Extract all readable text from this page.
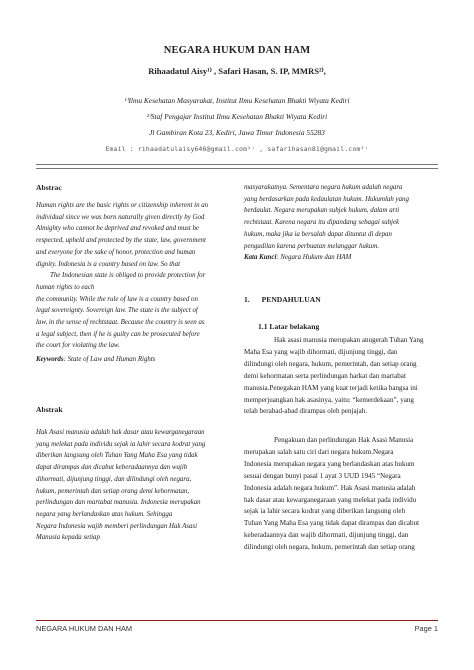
NEGARA HUKUM DAN HAM
Rihaadatul Aisy¹⁾ , Safari Hasan, S. IP, MMRS²⁾,
¹⁾Ilmu Kesehatan Masyarakat, Institut Ilmu Kesehatan Bhakti Wiyata Kediri
²⁾Staf Pengajar Institut Ilmu Kesehatan Bhakti Wiyata Kediri
Jl Gambiran Kota 23, Kediri, Jawa Timur Indonesia 55283
Email : rihaadatulaisy646@gmail.com¹⁾ , safarihasan81@gmail.com²⁾
Abstrac
Human rights are the basic rights or citizenship inherent in an
individual since we was born naturally given directly by God
Almighty who cannot be deprived and revoked and must be
respected, upheld and protected by the state, law, government
and everyone for the sake of honor, protection and human
dignity. Indonesia is a country based on law. So that
The Indonesian state is obliged to provide protection for
human rights to each
the community. While the rule of law is a country based on
legal sovereignty. Sovereign law. The state is the subject of
law, in the sense of rechtstaat. Because the country is seen as
a legal subject, then if he is guilty can be prosecuted before
the court for violating the law.
Keywords: State of Law and Human Rights
Abstrak
Hak Asasi manusia adalah hak dasar atau kewarganegaraan
yang melekat pada individu sejak ia lahir secara kodrat yang
diberikan langsung oleh Tuhan Yang Maha Esa yang tidak
dapat dirampas dan dicabut keberadaannya dan wajib
dihormati, dijunjung tinggi, dan dilindungi oleh negara,
hukum, pemerintah dan setiap orang demi kehormatan,
perlindungan dan martabat manusia. Indonesia merupakan
negara yang berlandaskan atas hukum. Sehingga
Negara Indonesia wajib memberi perlindungan Hak Asasi
Manusia kepada setiap
masyarakatnya. Sementara negara hukum adalah negara
yang berdasarkan pada kedaulatan hukum. Hukumlah yang
berdaulat. Negara merupakan subjek hukum, dalam arti
rechtstaat. Karena negara itu dipandang sebagai subjek
hukum, maka jika ia bersalah dapat dituntut di depan
pengadilan karena perbuatan melanggar hukum.
Kata Kunci: Negara Hukum dan HAM
1. PENDAHULUAN
1.1 Latar belakang
Hak asasi manusia merupakan anugerah Tuhan Yang
Maha Esa yang wajib dihormati, dijunjung tinggi, dan
dilindungi oleh negara, hukum, pemerintah, dan setiap orang
demi kehormatan serta perlindungan harkat dan martabat
manusia.Penegakan HAM yang kuat terjadi ketika bangsa ini
memperjuangkan hak asasinya, yaitu: “kemerdekaan”, yang
telah berabad-abad dirampas oleh penjajah.
Pengakuan dan perlindungan Hak Asasi Manusia
merupakan salah satu ciri dari negara hukum.Negara
Indonesia merupakan negara yang berlandaskan atas hukum
sesuai dengan bunyi pasal 1 ayat 3 UUD 1945 “Negara
Indonesia adalah negara hukum”. Hak Asasi manusia adalah
hak dasar atau kewarganegaraan yang melekat pada individu
sejak ia lahir secara kodrat yang diberikan langsung oleh
Tuhan Yang Maha Esa yang tidak dapat dirampas dan dicabut
keberadaannya dan wajib dihormati, dijunjung tinggi, dan
dilindungi oleh negara, hukum, pemerintah dan setiap orang
NEGARA HUKUM DAN HAM	Page 1
